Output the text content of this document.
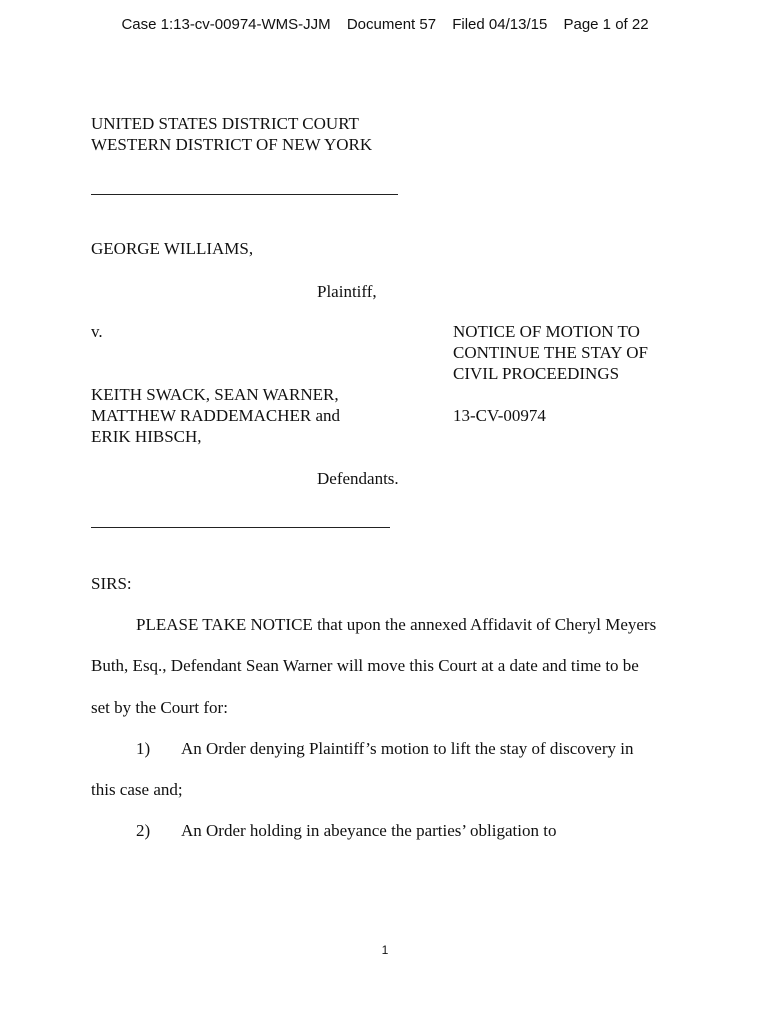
Case 1:13-cv-00974-WMS-JJM Document 57 Filed 04/13/15 Page 1 of 22
UNITED STATES DISTRICT COURT
WESTERN DISTRICT OF NEW YORK
GEORGE WILLIAMS,
Plaintiff,
v.	NOTICE OF MOTION TO
CONTINUE THE STAY OF
CIVIL PROCEEDINGS
KEITH SWACK, SEAN WARNER,
MATTHEW RADDEMACHER and
ERIK HIBSCH,
13-CV-00974
Defendants.
SIRS:
PLEASE TAKE NOTICE that upon the annexed Affidavit of Cheryl Meyers
Buth, Esq., Defendant Sean Warner will move this Court at a date and time to be
set by the Court for:
1) An Order denying Plaintiff’s motion to lift the stay of discovery in
this case and;
2) An Order holding in abeyance the parties’ obligation to
1
